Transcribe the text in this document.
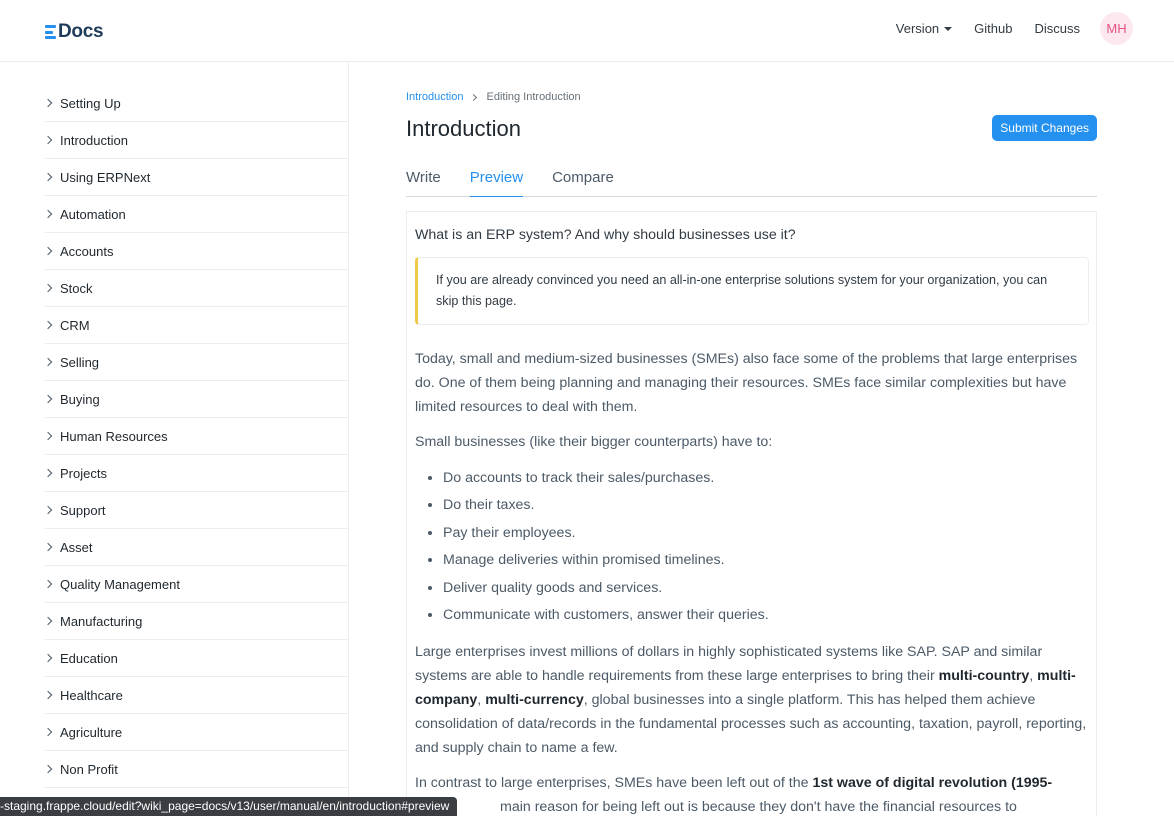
Docs	Version	Github Discuss	MH
Setting Up
Introduction
Using ERPNext
Automation
Accounts
Stock
CRM
Selling
Buying
Human Resources
Projects
Support
Asset
Quality Management
Manufacturing
Education
Healthcare
Agriculture
Non Profit
Introduction Editing Introduction
Introduction	Submit Changes
Write Preview Compare

What is an ERP system? And why should businesses use it?

If you are already convinced you need an all-in-one enterprise solutions system for your organization, you can skip this page.

Today, small and medium-sized businesses (SMEs) also face some of the problems that large enterprises do. One of them being planning and managing their resources. SMEs face similar complexities but have limited resources to deal with them.

Small businesses (like their bigger counterparts) have to:

• Do accounts to track their sales/purchases.
• Do their taxes.
• Pay their employees.
• Manage deliveries within promised timelines.
• Deliver quality goods and services.
• Communicate with customers, answer their queries.

Large enterprises invest millions of dollars in highly sophisticated systems like SAP. SAP and similar systems are able to handle requirements from these large enterprises to bring their multi-country, multi-company, multi-currency, global businesses into a single platform. This has helped them achieve consolidation of data/records in the fundamental processes such as accounting, taxation, payroll, reporting, and supply chain to name a few.

In contrast to large enterprises, SMEs have been left out of the 1st wave of digital revolution (1995-
main reason for being left out is because they don't have the financial resources to

-staging.frappe.cloud/edit?wiki_page=docs/v13/user/manual/en/introduction#preview
